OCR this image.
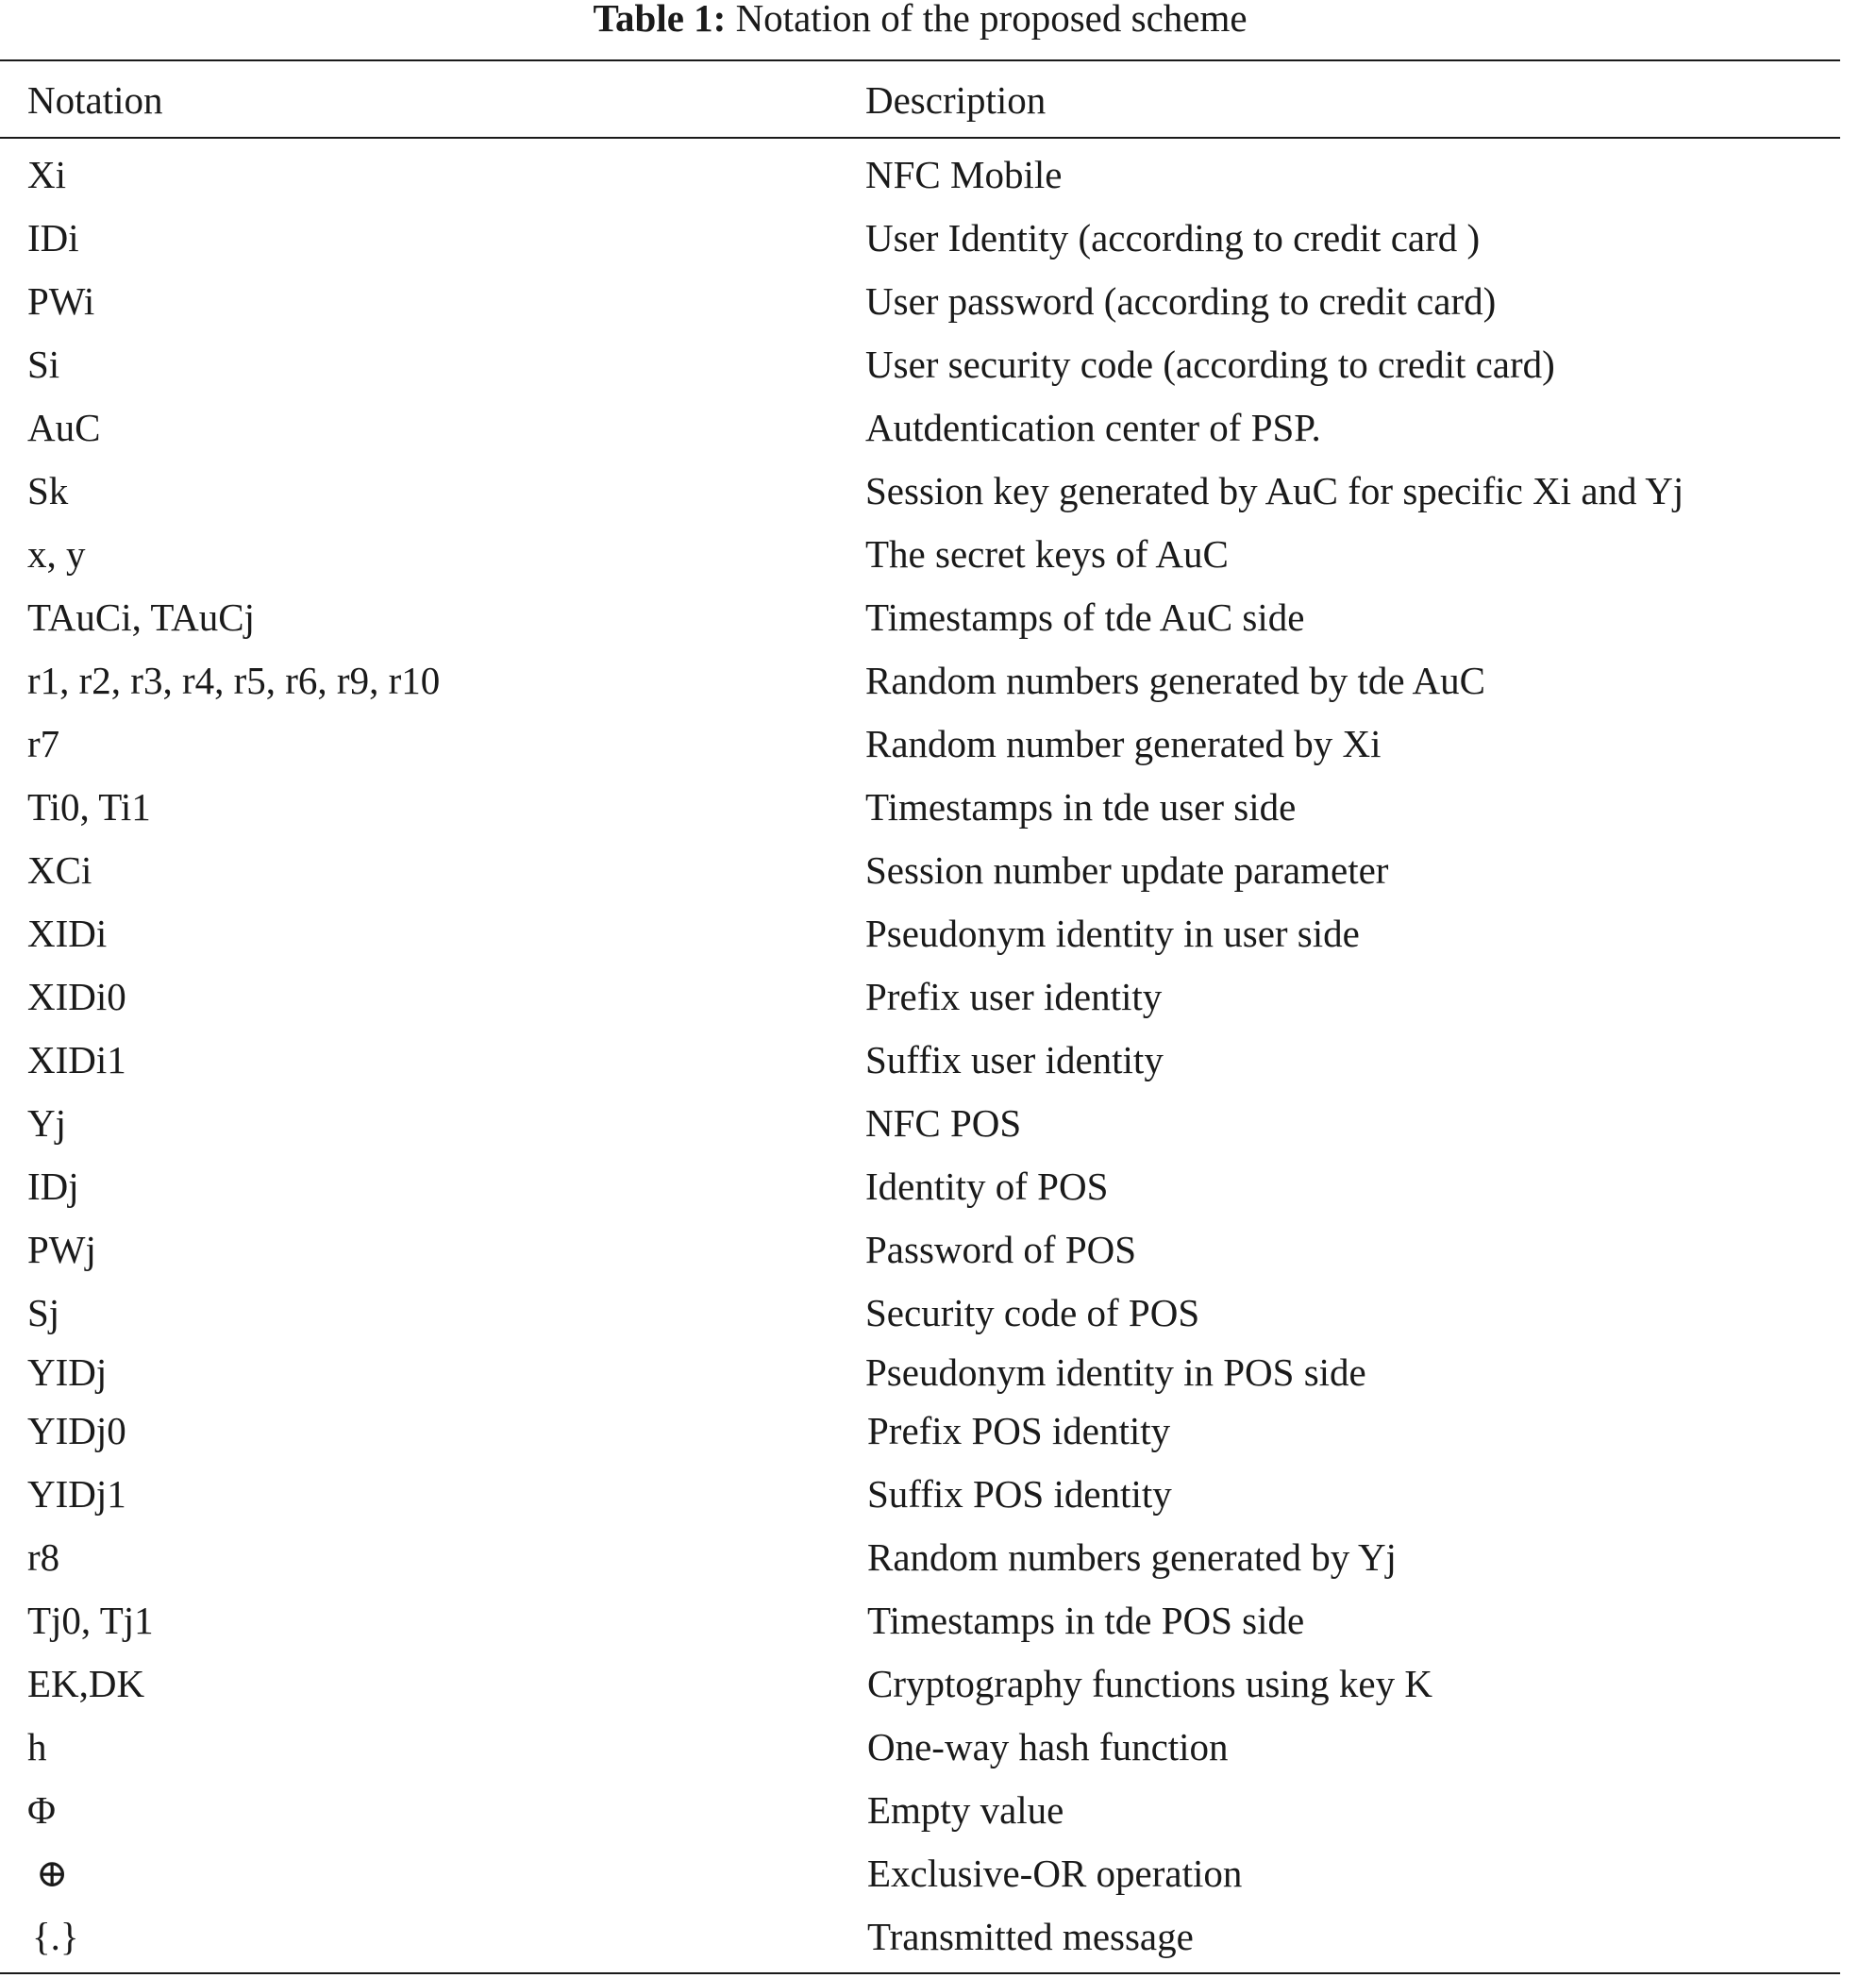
Table 1: Notation of the proposed scheme
Notation	Description
Xi	NFC Mobile
IDi	User Identity (according to credit card )
PWi	User password (according to credit card)
Si	User security code (according to credit card)
AuC	Autdentication center of PSP.
Sk	Session key generated by AuC for specific Xi and Yj
x, y	The secret keys of AuC
TAuCi, TAuCj	Timestamps of tde AuC side
r1, r2, r3, r4, r5, r6, r9, r10	Random numbers generated by tde AuC
r7	Random number generated by Xi
Ti0, Ti1	Timestamps in tde user side
XCi	Session number update parameter
XIDi	Pseudonym identity in user side
XIDi0	Prefix user identity
XIDi1	Suffix user identity
Yj	NFC POS
IDj	Identity of POS
PWj	Password of POS
Sj	Security code of POS
YIDj	Pseudonym identity in POS side
YIDj0	Prefix POS identity
YIDj1	Suffix POS identity
r8	Random numbers generated by Yj
Tj0, Tj1	Timestamps in tde POS side
EK,DK	Cryptography functions using key K
h	One-way hash function
Φ	Empty value
⊕	Exclusive-OR operation
{.}	Transmitted message
